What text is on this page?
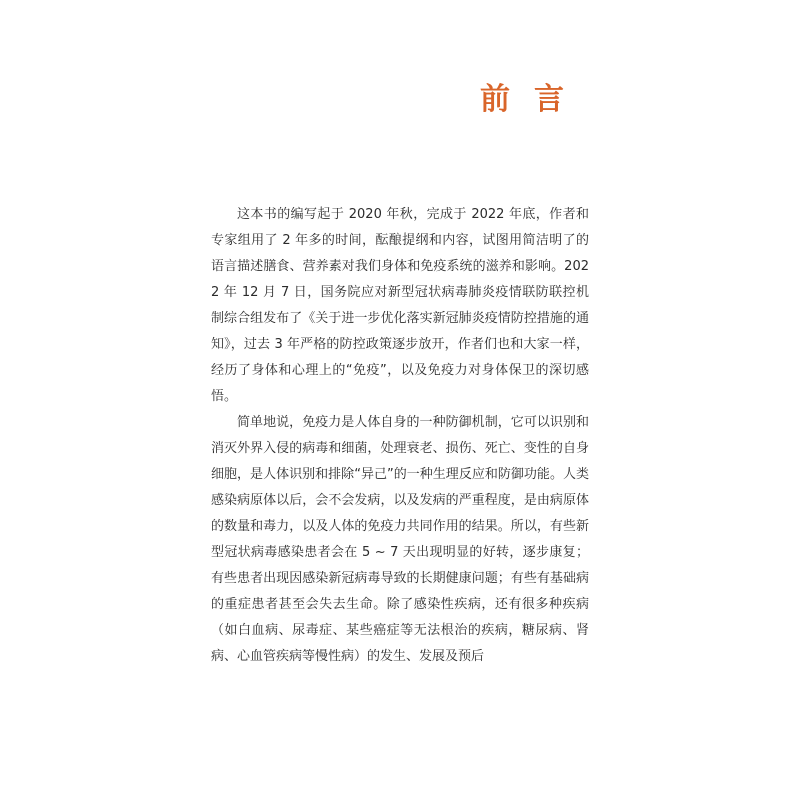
前言

这本书的编写起于 2020 年秋，完成于 2022 年底，作者和专家组用了 2 年多的时间，酝酿提纲和内容，试图用简洁明了的语言描述膳食、营养素对我们身体和免疫系统的滋养和影响。2022 年 12 月 7 日，国务院应对新型冠状病毒肺炎疫情联防联控机制综合组发布了《关于进一步优化落实新冠肺炎疫情防控措施的通知》，过去 3 年严格的防控政策逐步放开，作者们也和大家一样，经历了身体和心理上的“免疫”，以及免疫力对身体保卫的深切感悟。

简单地说，免疫力是人体自身的一种防御机制，它可以识别和消灭外界入侵的病毒和细菌，处理衰老、损伤、死亡、变性的自身细胞，是人体识别和排除“异己”的一种生理反应和防御功能。人类感染病原体以后，会不会发病，以及发病的严重程度，是由病原体的数量和毒力，以及人体的免疫力共同作用的结果。所以，有些新型冠状病毒感染患者会在 5 ~ 7 天出现明显的好转，逐步康复；有些患者出现因感染新冠病毒导致的长期健康问题；有些有基础病的重症患者甚至会失去生命。除了感染性疾病，还有很多种疾病（如白血病、尿毒症、某些癌症等无法根治的疾病，糖尿病、肾病、心血管疾病等慢性病）的发生、发展及预后
